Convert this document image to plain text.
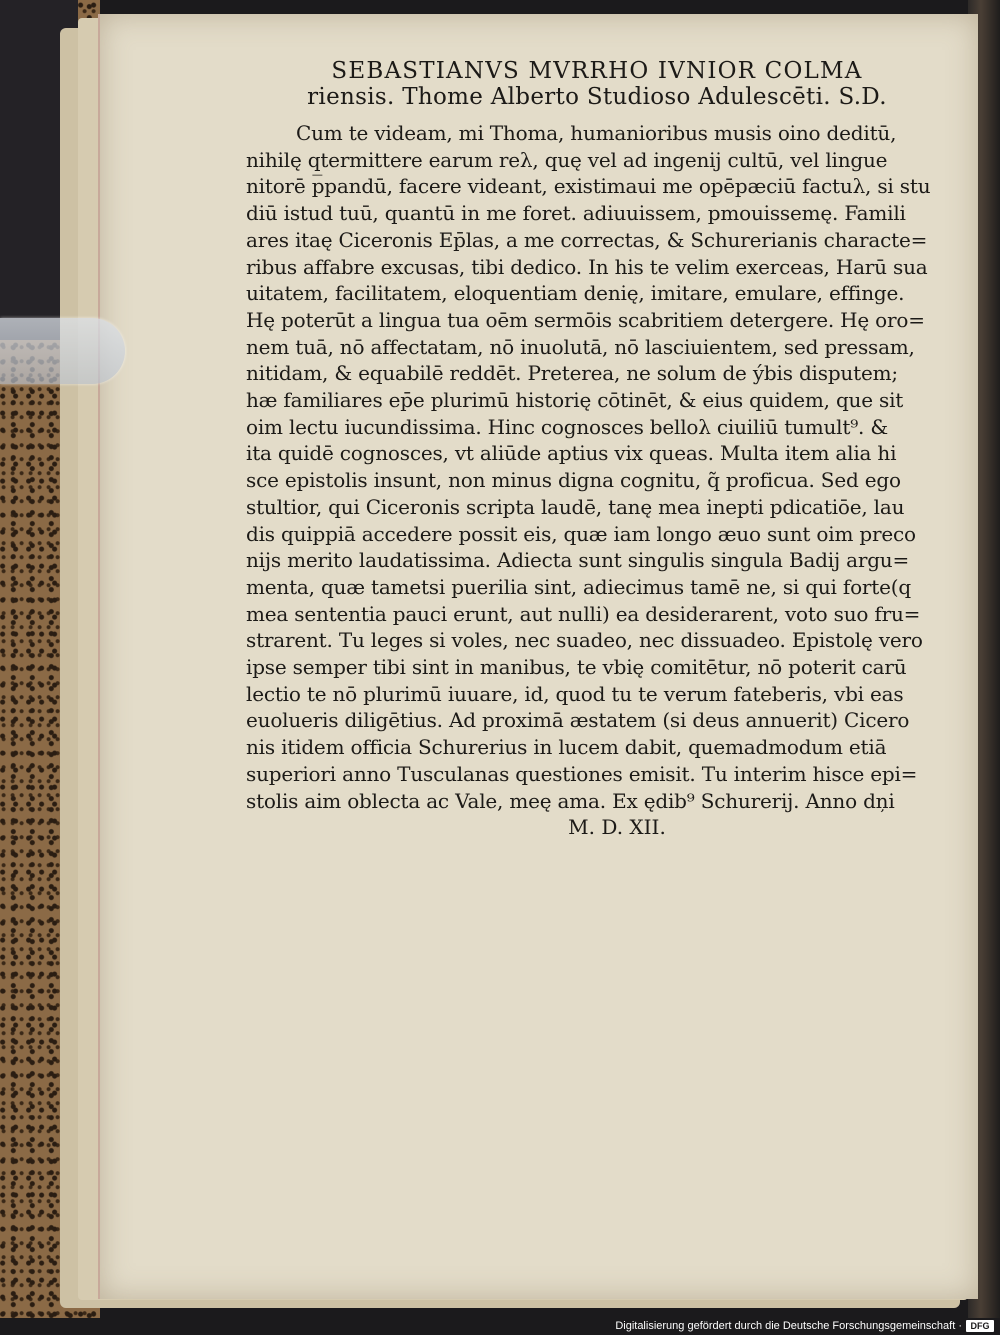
SEBASTIANVS MVRRHO IVNIOR COLMA
riensis. Thome Alberto Studioso Adulescēti. S.D.
Cum te videam, mi Thoma, humanioribus musis oino deditū,
nihilę q̲termittere earum reλ, quę vel ad ingenij cultū, vel lingue
nitorē ppandū, facere videant, existimaui me opēpæciū factuλ, si stu
diū istud tuū, quantū in me foret. adiuuissem, pmouissemę. Famili
ares itaę Ciceronis Ep̄las, a me correctas, & Schurerianis characte=
ribus affabre excusas, tibi dedico. In his te velim exerceas, Harū sua
uitatem, facilitatem, eloquentiam denię, imitare, emulare, effinge.
Hę poterūt a lingua tua oēm sermōis scabritiem detergere. Hę oro=
nem tuā, nō affectatam, nō inuolutā, nō lasciuientem, sed pressam,
nitidam, & equabilē reddēt. Preterea, ne solum de ýbis disputem;
hæ familiares ep̄e plurimū historię cōtinēt, & eius quidem, que sit
oim lectu iucundissima. Hinc cognosces belloλ ciuiliū tumult⁹. &
ita quidē cognosces, vt aliūde aptius vix queas. Multa item alia hi
sce epistolis insunt, non minus digna cognitu, q̃ proficua. Sed ego
stultior, qui Ciceronis scripta laudē, tanę mea inepti pdicatiōe, lau
dis quippiā accedere possit eis, quæ iam longo æuo sunt oim preco
nijs merito laudatissima. Adiecta sunt singulis singula Badij argu=
menta, quæ tametsi puerilia sint, adiecimus tamē ne, si qui forte(q
mea sententia pauci erunt, aut nulli) ea desiderarent, voto suo fru=
strarent. Tu leges si voles, nec suadeo, nec dissuadeo. Epistolę vero
ipse semper tibi sint in manibus, te vbię comitētur, nō poterit carū
lectio te nō plurimū iuuare, id, quod tu te verum fateberis, vbi eas
euolueris diligētius. Ad proximā æstatem (si deus annuerit) Cicero
nis itidem officia Schurerius in lucem dabit, quemadmodum etiā
superiori anno Tusculanas questiones emisit. Tu interim hisce epi=
stolis aim oblecta ac Vale, meę ama. Ex ędib⁹ Schurerij. Anno dņi
M. D. XII.
Digitalisierung gefördert durch die Deutsche Forschungsgemeinschaft · DFG
